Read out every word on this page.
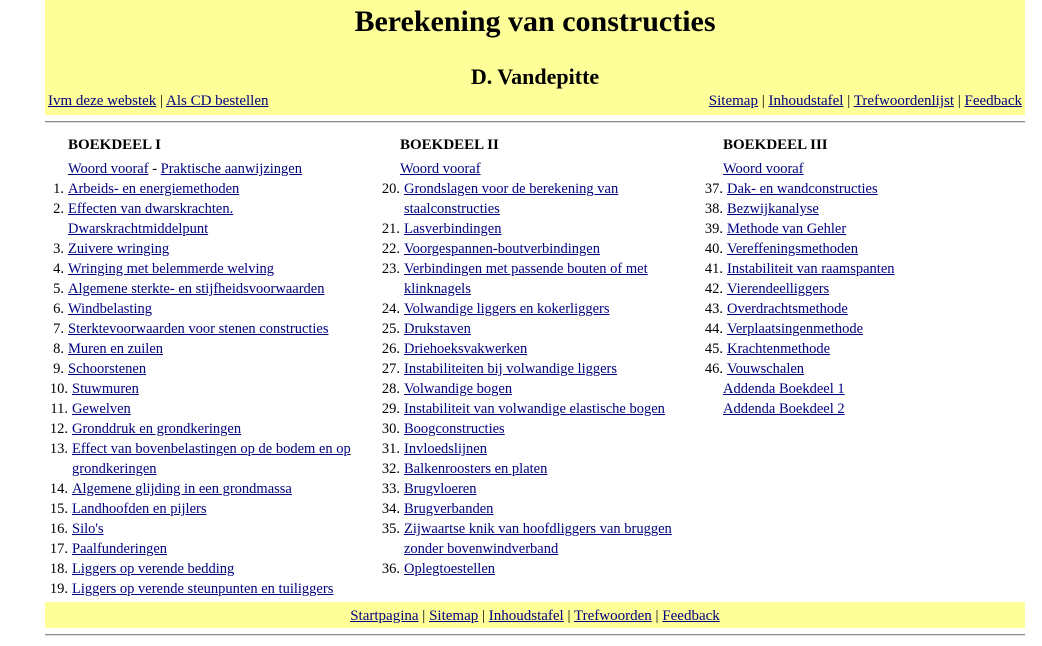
Berekening van constructies
D. Vandepitte
Ivm deze webstek | Als CD bestellen	Sitemap | Inhoudstafel | Trefwoordenlijst | Feedback
BOEKDEEL I
Woord vooraf - Praktische aanwijzingen
1. Arbeids- en energiemethoden
2. Effecten van dwarskrachten. Dwarskrachtmiddelpunt
3. Zuivere wringing
4. Wringing met belemmerde welving
5. Algemene sterkte- en stijfheidsvoorwaarden
6. Windbelasting
7. Sterktevoorwaarden voor stenen constructies
8. Muren en zuilen
9. Schoorstenen
10. Stuwmuren
11. Gewelven
12. Gronddruk en grondkeringen
13. Effect van bovenbelastingen op de bodem en op grondkeringen
14. Algemene glijding in een grondmassa
15. Landhoofden en pijlers
16. Silo's
17. Paalfunderingen
18. Liggers op verende bedding
19. Liggers op verende steunpunten en tuiliggers
BOEKDEEL II
Woord vooraf
20. Grondslagen voor de berekening van staalconstructies
21. Lasverbindingen
22. Voorgespannen-boutverbindingen
23. Verbindingen met passende bouten of met klinknagels
24. Volwandige liggers en kokerliggers
25. Drukstaven
26. Driehoeksvakwerken
27. Instabiliteiten bij volwandige liggers
28. Volwandige bogen
29. Instabiliteit van volwandige elastische bogen
30. Boogconstructies
31. Invloedslijnen
32. Balkenroosters en platen
33. Brugvloeren
34. Brugverbanden
35. Zijwaartse knik van hoofdliggers van bruggen zonder bovenwindverband
36. Oplegtoestellen
BOEKDEEL III
Woord vooraf
37. Dak- en wandconstructies
38. Bezwijkanalyse
39. Methode van Gehler
40. Vereffeningsmethoden
41. Instabiliteit van raamspanten
42. Vierendeelliggers
43. Overdrachtsmethode
44. Verplaatsingenmethode
45. Krachtenmethode
46. Vouwschalen
Addenda Boekdeel 1
Addenda Boekdeel 2
Startpagina | Sitemap | Inhoudstafel | Trefwoorden | Feedback
